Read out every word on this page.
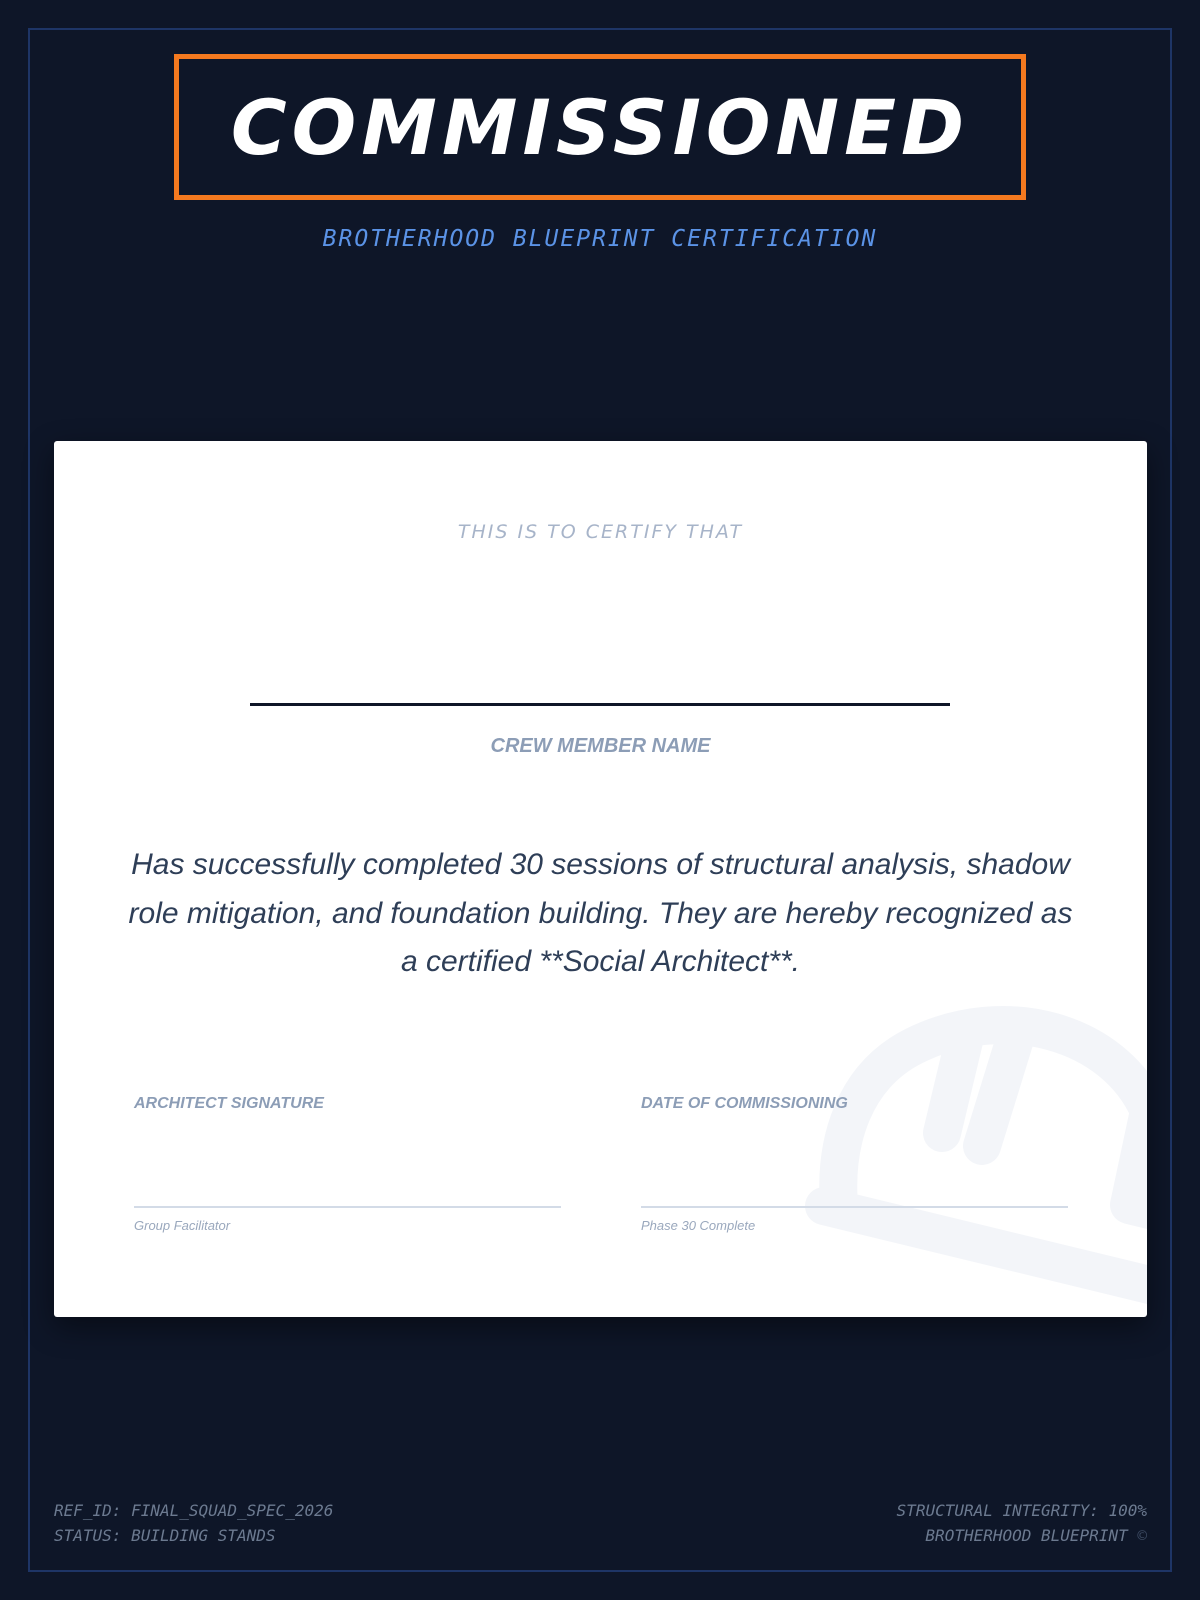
COMMISSIONED
BROTHERHOOD BLUEPRINT CERTIFICATION
THIS IS TO CERTIFY THAT
CREW MEMBER NAME
Has successfully completed 30 sessions of structural analysis, shadow role mitigation, and foundation building. They are hereby recognized as a certified **Social Architect**.
ARCHITECT SIGNATURE
Group Facilitator
DATE OF COMMISSIONING
Phase 30 Complete
REF_ID: FINAL_SQUAD_SPEC_2026
STATUS: BUILDING STANDS
STRUCTURAL INTEGRITY: 100%
BROTHERHOOD BLUEPRINT ©
